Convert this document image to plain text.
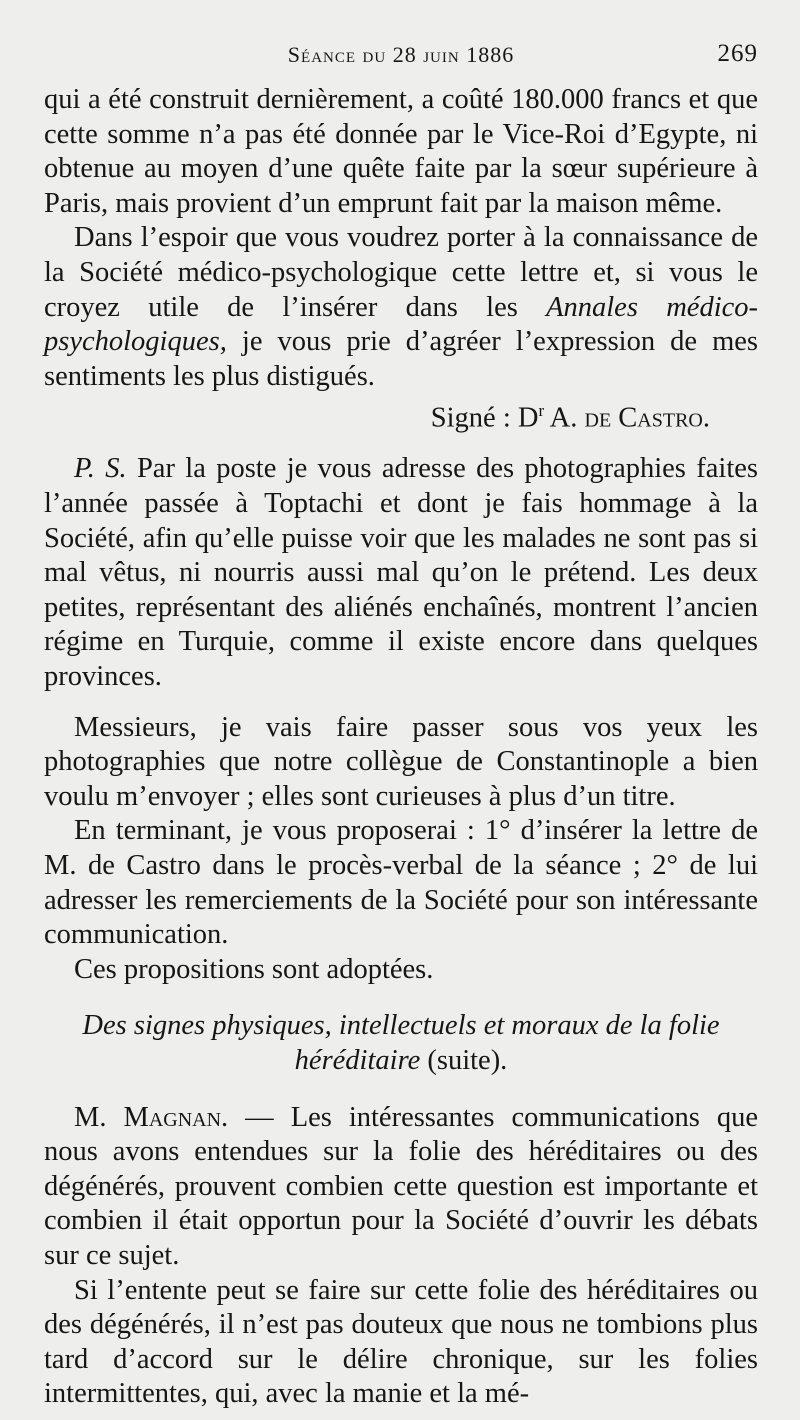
Séance du 28 juin 1886	269

qui a été construit dernièrement, a coûté 180.000 francs et que cette somme n’a pas été donnée par le Vice-Roi d’Egypte, ni obtenue au moyen d’une quête faite par la sœur supérieure à Paris, mais provient d’un emprunt fait par la maison même.

Dans l’espoir que vous voudrez porter à la connaissance de la Société médico-psychologique cette lettre et, si vous le croyez utile de l’insérer dans les Annales médico-psychologiques, je vous prie d’agréer l’expression de mes sentiments les plus distigués.

Signé : $D^r$ A. de Castro.

P. S. Par la poste je vous adresse des photographies faites l’année passée à Toptachi et dont je fais hommage à la Société, afin qu’elle puisse voir que les malades ne sont pas si mal vêtus, ni nourris aussi mal qu’on le prétend. Les deux petites, représentant des aliénés enchaînés, montrent l’ancien régime en Turquie, comme il existe encore dans quelques provinces.

Messieurs, je vais faire passer sous vos yeux les photographies que notre collègue de Constantinople a bien voulu m’envoyer ; elles sont curieuses à plus d’un titre.

En terminant, je vous proposerai : 1° d’insérer la lettre de M. de Castro dans le procès-verbal de la séance ; 2° de lui adresser les remerciements de la Société pour son intéressante communication.

Ces propositions sont adoptées.

Des signes physiques, intellectuels et moraux de la folie
héréditaire (suite).

M. Magnan. — Les intéressantes communications que nous avons entendues sur la folie des héréditaires ou des dégénérés, prouvent combien cette question est importante et combien il était opportun pour la Société d’ouvrir les débats sur ce sujet.

Si l’entente peut se faire sur cette folie des héréditaires ou des dégénérés, il n’est pas douteux que nous ne tombions plus tard d’accord sur le délire chronique, sur les folies intermittentes, qui, avec la manie et la mé-
